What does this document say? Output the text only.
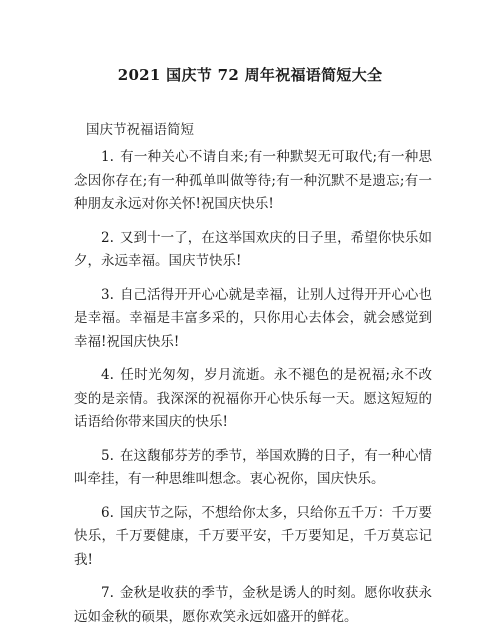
2021 国庆节 72 周年祝福语简短大全
国庆节祝福语简短

1. 有一种关心不请自来;有一种默契无可取代;有一种思念因你存在;有一种孤单叫做等待;有一种沉默不是遗忘;有一种朋友永远对你关怀!祝国庆快乐!

2. 又到十一了，在这举国欢庆的日子里，希望你快乐如夕，永远幸福。国庆节快乐!

3. 自己活得开开心心就是幸福，让别人过得开开心心也是幸福。幸福是丰富多采的，只你用心去体会，就会感觉到幸福!祝国庆快乐!

4. 任时光匆匆，岁月流逝。永不褪色的是祝福;永不改变的是亲情。我深深的祝福你开心快乐每一天。愿这短短的话语给你带来国庆的快乐!

5. 在这馥郁芬芳的季节，举国欢腾的日子，有一种心情叫牵挂，有一种思维叫想念。衷心祝你，国庆快乐。

6. 国庆节之际，不想给你太多，只给你五千万：千万要快乐，千万要健康，千万要平安，千万要知足，千万莫忘记我!

7. 金秋是收获的季节，金秋是诱人的时刻。愿你收获永远如金秋的硕果，愿你欢笑永远如盛开的鲜花。
